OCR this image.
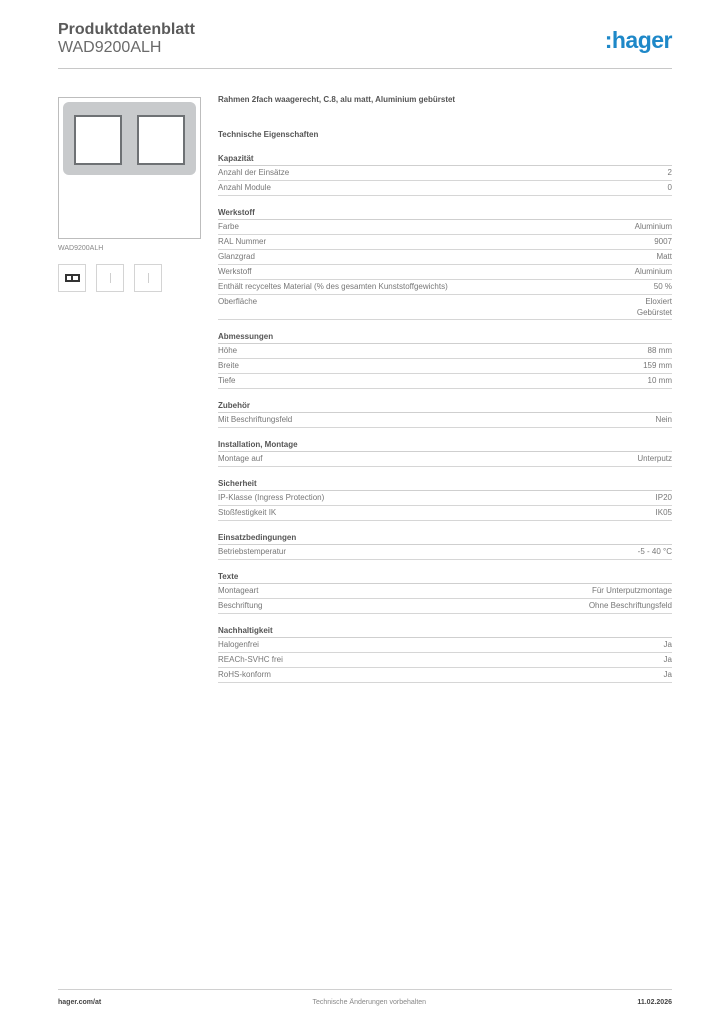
Produktdatenblatt
WAD9200ALH	:hager
WAD9200ALH
Rahmen 2fach waagerecht, C.8, alu matt, Aluminium gebürstet
Technische Eigenschaften
Kapazität
Anzahl der Einsätze	2
Anzahl Module	0
Werkstoff
Farbe	Aluminium
RAL Nummer	9007
Glanzgrad	Matt
Werkstoff	Aluminium
Enthält recyceltes Material (% des gesamten Kunststoffgewichts)	50 %
Oberfläche	Eloxiert
Gebürstet
Abmessungen
Höhe	88 mm
Breite	159 mm
Tiefe	10 mm
Zubehör
Mit Beschriftungsfeld	Nein
Installation, Montage
Montage auf	Unterputz
Sicherheit
IP-Klasse (Ingress Protection)	IP20
Stoßfestigkeit IK	IK05
Einsatzbedingungen
Betriebstemperatur	-5 - 40 °C
Texte
Montageart	Für Unterputzmontage
Beschriftung	Ohne Beschriftungsfeld
Nachhaltigkeit
Halogenfrei	Ja
REACh-SVHC frei	Ja
RoHS-konform	Ja
hager.com/at	Technische Änderungen vorbehalten	11.02.2026
